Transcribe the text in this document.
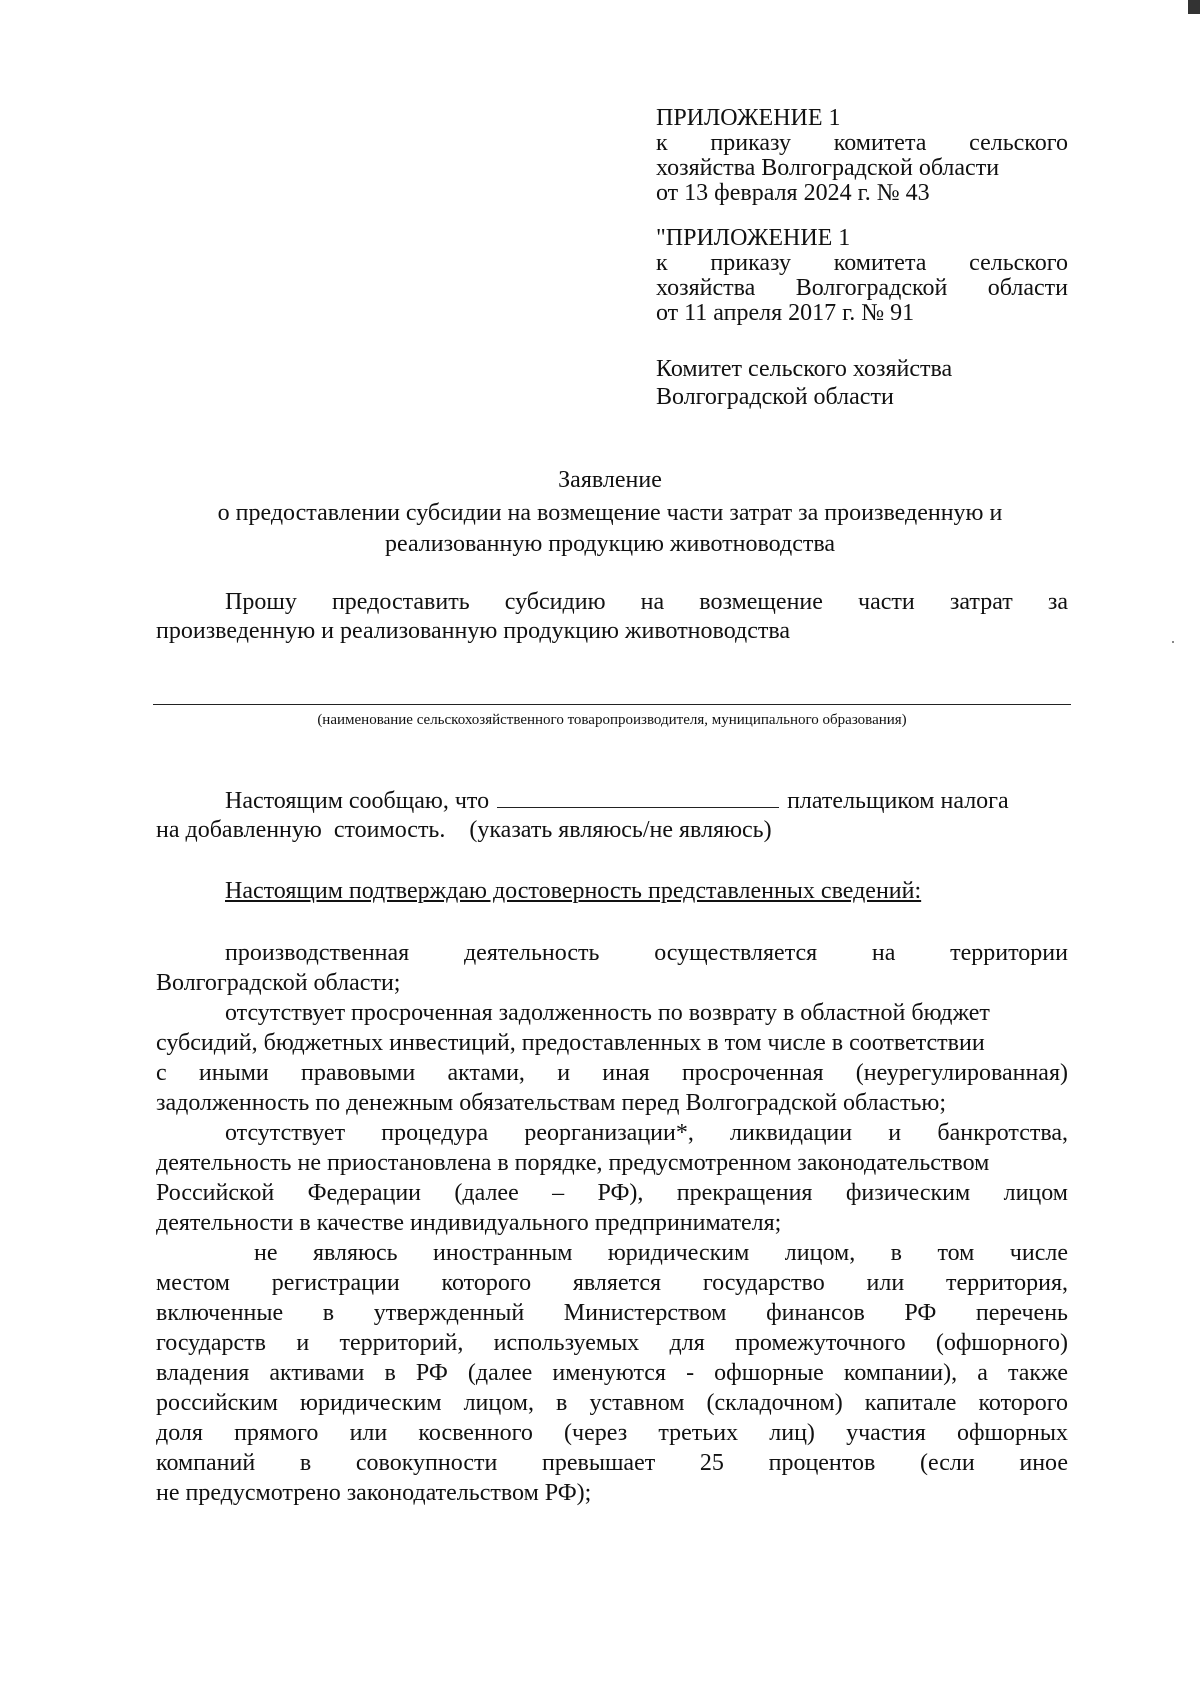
ПРИЛОЖЕНИЕ 1
к приказу комитета сельского
хозяйства Волгоградской области
от 13 февраля 2024 г. № 43
"ПРИЛОЖЕНИЕ 1
к приказу комитета сельского
хозяйства Волгоградской области
от 11 апреля 2017 г. № 91
Комитет сельского хозяйства
Волгоградской области
Заявление
о предоставлении субсидии на возмещение части затрат за произведенную и
реализованную продукцию животноводства
Прошу предоставить субсидию на возмещение части затрат за
произведенную и реализованную продукцию животноводства
(наименование сельскохозяйственного товаропроизводителя, муниципального образования)
Настоящим сообщаю, что	плательщиком налога
на добавленную  стоимость.    (указать являюсь/не являюсь)
Настоящим подтверждаю достоверность представленных сведений:
производственная деятельность осуществляется на территории
Волгоградской области;
отсутствует просроченная задолженность по возврату в областной бюджет
субсидий, бюджетных инвестиций, предоставленных в том числе в соответствии
с иными правовыми актами, и иная просроченная (неурегулированная)
задолженность по денежным обязательствам перед Волгоградской областью;
отсутствует процедура реорганизации*, ликвидации и банкротства,
деятельность не приостановлена в порядке, предусмотренном законодательством
Российской Федерации (далее – РФ), прекращения физическим лицом
деятельности в качестве индивидуального предпринимателя;
не являюсь иностранным юридическим лицом, в том числе
местом регистрации которого является государство или территория,
включенные в утвержденный Министерством финансов РФ перечень
государств и территорий, используемых для промежуточного (офшорного)
владения активами в РФ (далее именуются - офшорные компании), а также
российским юридическим лицом, в уставном (складочном) капитале которого
доля прямого или косвенного (через третьих лиц) участия офшорных
компаний в совокупности превышает 25 процентов (если иное
не предусмотрено законодательством РФ);
